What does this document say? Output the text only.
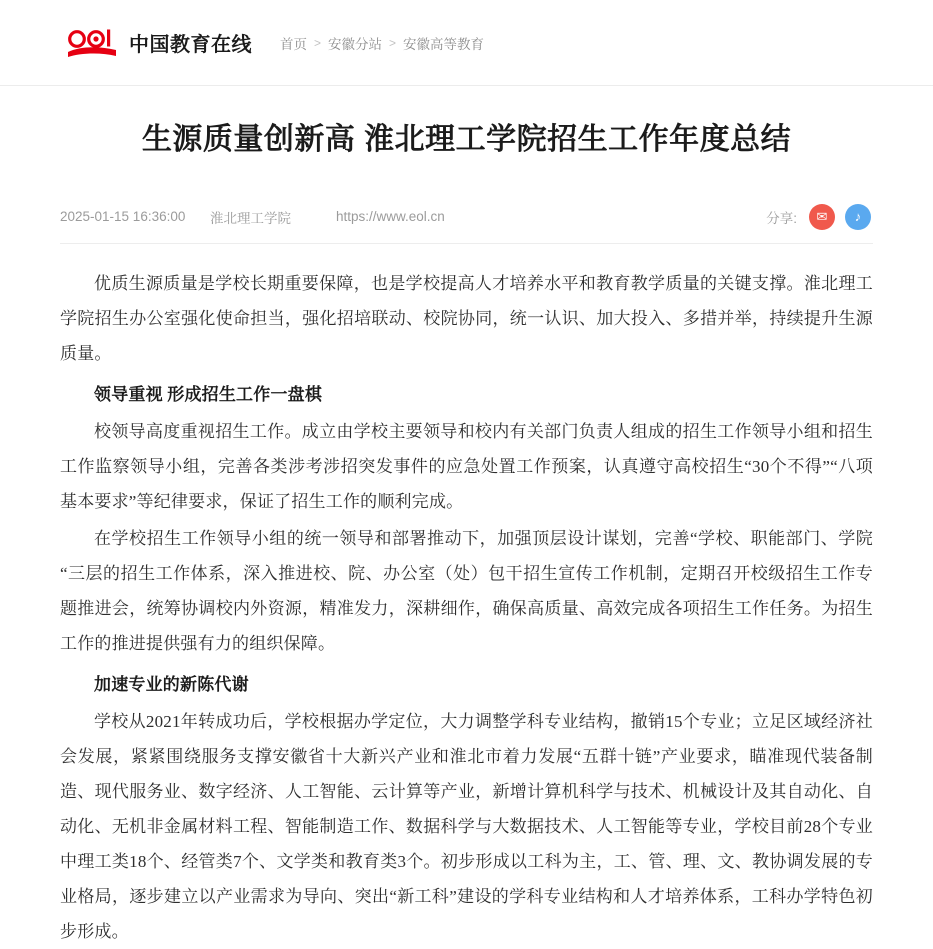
中国教育在线 首页 > 安徽分站 > 安徽高等教育
生源质量创新高 淮北理工学院招生工作年度总结
2025-01-15 16:36:00	淮北理工学院	https://www.eol.cn	分享:	✉	♪

优质生源质量是学校长期重要保障，也是学校提高人才培养水平和教育教学质量的关键支撑。淮北理工学院招生办公室强化使命担当，强化招培联动、校院协同，统一认识、加大投入、多措并举，持续提升生源质量。

领导重视 形成招生工作一盘棋

校领导高度重视招生工作。成立由学校主要领导和校内有关部门负责人组成的招生工作领导小组和招生工作监察领导小组，完善各类涉考涉招突发事件的应急处置工作预案，认真遵守高校招生“30个不得”“八项基本要求”等纪律要求，保证了招生工作的顺利完成。

在学校招生工作领导小组的统一领导和部署推动下，加强顶层设计谋划，完善“学校、职能部门、学院“三层的招生工作体系，深入推进校、院、办公室（处）包干招生宣传工作机制，定期召开校级招生工作专题推进会，统筹协调校内外资源，精准发力，深耕细作，确保高质量、高效完成各项招生工作任务。为招生工作的推进提供强有力的组织保障。

加速专业的新陈代谢

学校从2021年转成功后，学校根据办学定位，大力调整学科专业结构，撤销15个专业；立足区域经济社会发展，紧紧围绕服务支撑安徽省十大新兴产业和淮北市着力发展“五群十链”产业要求，瞄准现代装备制造、现代服务业、数字经济、人工智能、云计算等产业，新增计算机科学与技术、机械设计及其自动化、自动化、无机非金属材料工程、智能制造工作、数据科学与大数据技术、人工智能等专业，学校目前28个专业中理工类18个、经管类7个、文学类和教育类3个。初步形成以工科为主，工、管、理、文、教协调发展的专业格局，逐步建立以产业需求为导向、突出“新工科”建设的学科专业结构和人才培养体系，工科办学特色初步形成。
